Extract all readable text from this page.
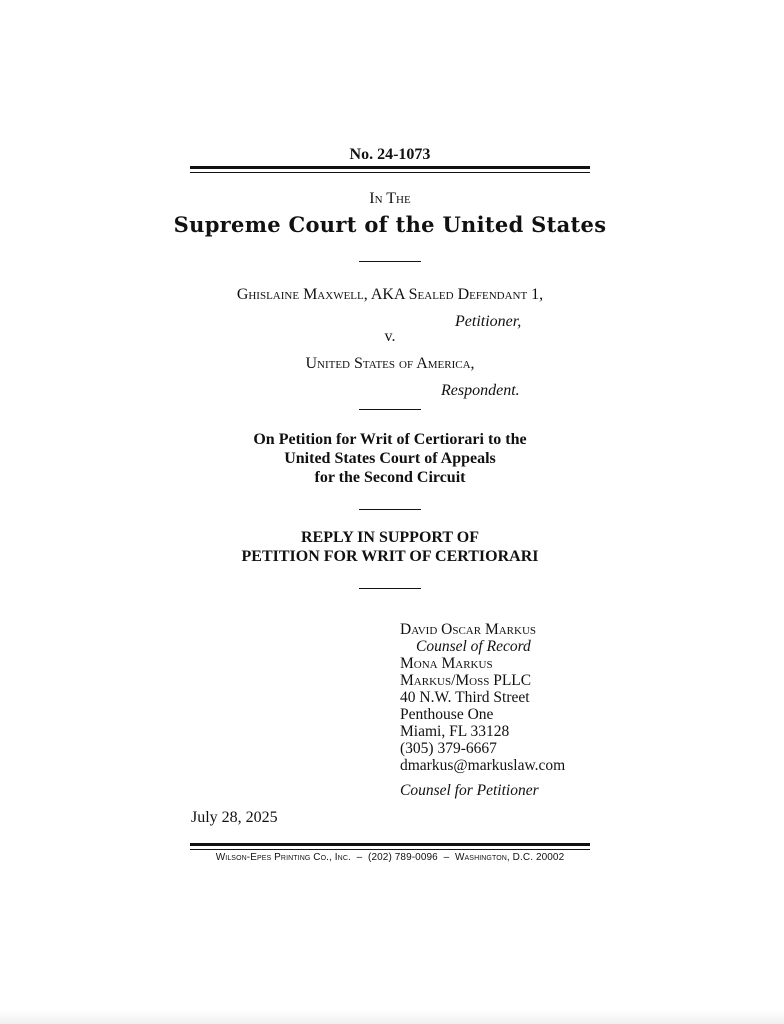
No. 24-1073
In The
Supreme Court of the United States
Ghislaine Maxwell, AKA Sealed Defendant 1,
Petitioner,
v.
United States of America,
Respondent.
On Petition for Writ of Certiorari to the
United States Court of Appeals
for the Second Circuit
REPLY IN SUPPORT OF
PETITION FOR WRIT OF CERTIORARI
David Oscar Markus
Counsel of Record
Mona Markus
Markus/Moss PLLC
40 N.W. Third Street
Penthouse One
Miami, FL 33128
(305) 379-6667
dmarkus@markuslaw.com
Counsel for Petitioner
July 28, 2025
Wilson-Epes Printing Co., Inc.  –  (202) 789-0096  –  Washington, D.C. 20002
